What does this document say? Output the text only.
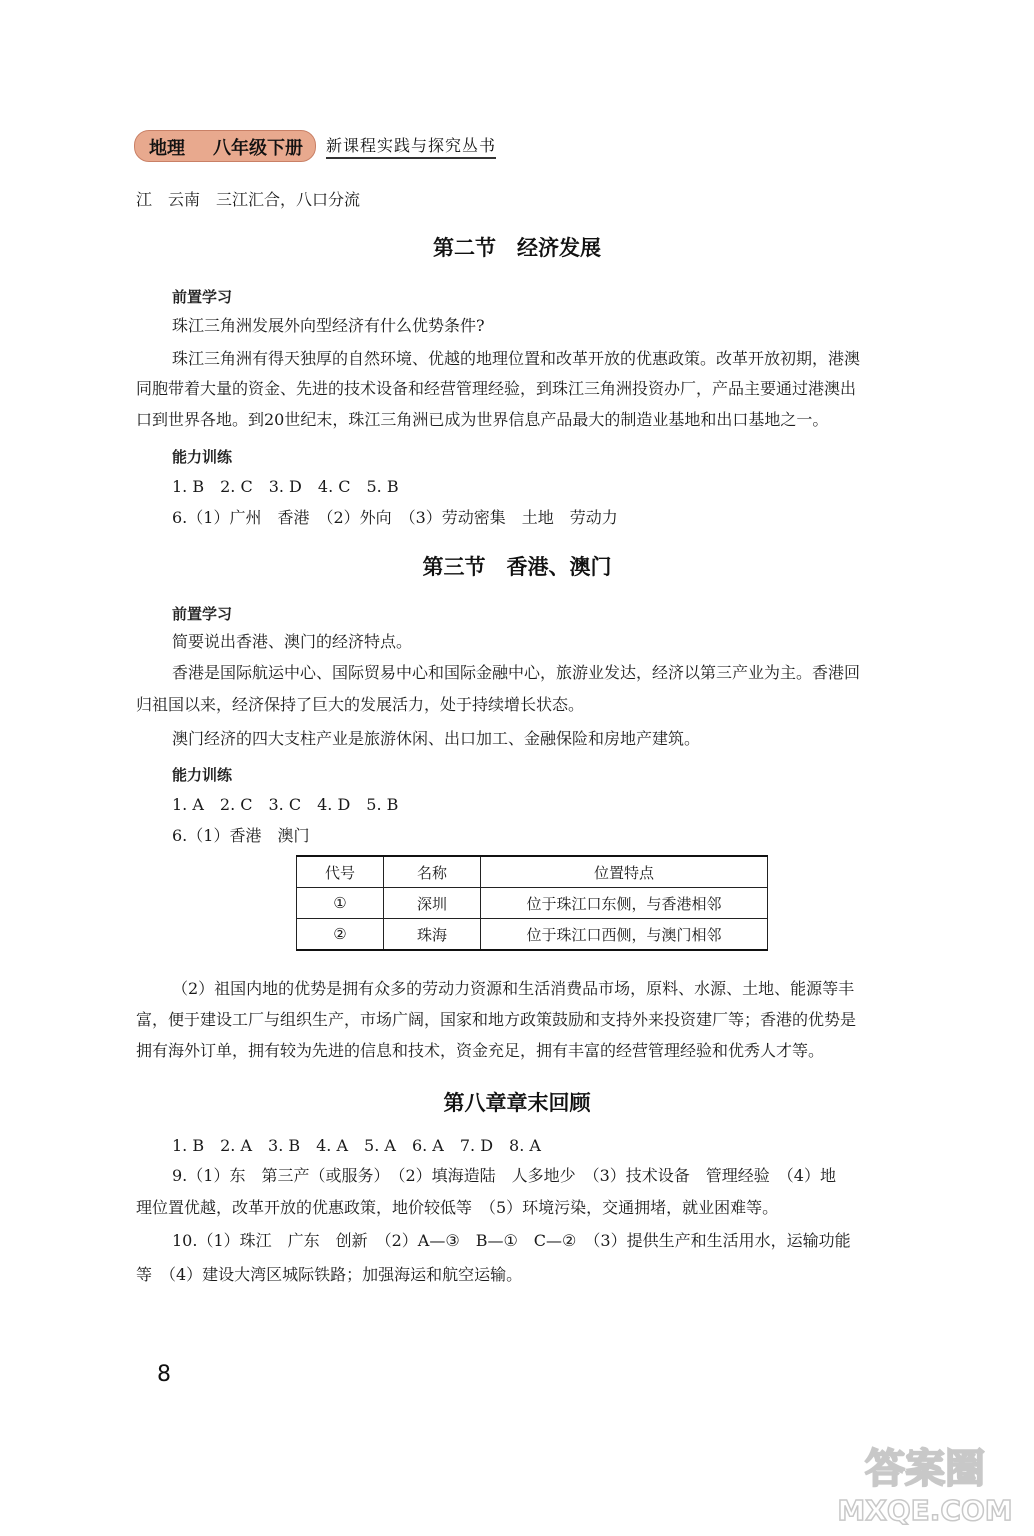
地理 八年级下册 新课程实践与探究丛书
江　云南　三江汇合，八口分流
第二节　经济发展
前置学习
珠江三角洲发展外向型经济有什么优势条件?
珠江三角洲有得天独厚的自然环境、优越的地理位置和改革开放的优惠政策。改革开放初期，港澳
同胞带着大量的资金、先进的技术设备和经营管理经验，到珠江三角洲投资办厂，产品主要通过港澳出
口到世界各地。到20世纪末，珠江三角洲已成为世界信息产品最大的制造业基地和出口基地之一。
能力训练
1. B　2. C　3. D　4. C　5. B
6.（1）广州　香港　（2）外向　（3）劳动密集　土地　劳动力
第三节　香港、澳门
前置学习
简要说出香港、澳门的经济特点。
香港是国际航运中心、国际贸易中心和国际金融中心，旅游业发达，经济以第三产业为主。香港回
归祖国以来，经济保持了巨大的发展活力，处于持续增长状态。
澳门经济的四大支柱产业是旅游休闲、出口加工、金融保险和房地产建筑。
能力训练
1. A　2. C　3. C　4. D　5. B
6.（1）香港　澳门
代号	名称	位置特点
①	深圳	位于珠江口东侧，与香港相邻
②	珠海	位于珠江口西侧，与澳门相邻
（2）祖国内地的优势是拥有众多的劳动力资源和生活消费品市场，原料、水源、土地、能源等丰
富，便于建设工厂与组织生产，市场广阔，国家和地方政策鼓励和支持外来投资建厂等；香港的优势是
拥有海外订单，拥有较为先进的信息和技术，资金充足，拥有丰富的经营管理经验和优秀人才等。
第八章章末回顾
1. B　2. A　3. B　4. A　5. A　6. A　7. D　8. A
9.（1）东　第三产（或服务）　（2）填海造陆　人多地少　（3）技术设备　管理经验　（4）地
理位置优越，改革开放的优惠政策，地价较低等　（5）环境污染，交通拥堵，就业困难等。
10.（1）珠江　广东　创新　（2）A—③　B—①　C—②　（3）提供生产和生活用水，运输功能
等　（4）建设大湾区城际铁路；加强海运和航空运输。
8
答案圈
MXQE.COM
